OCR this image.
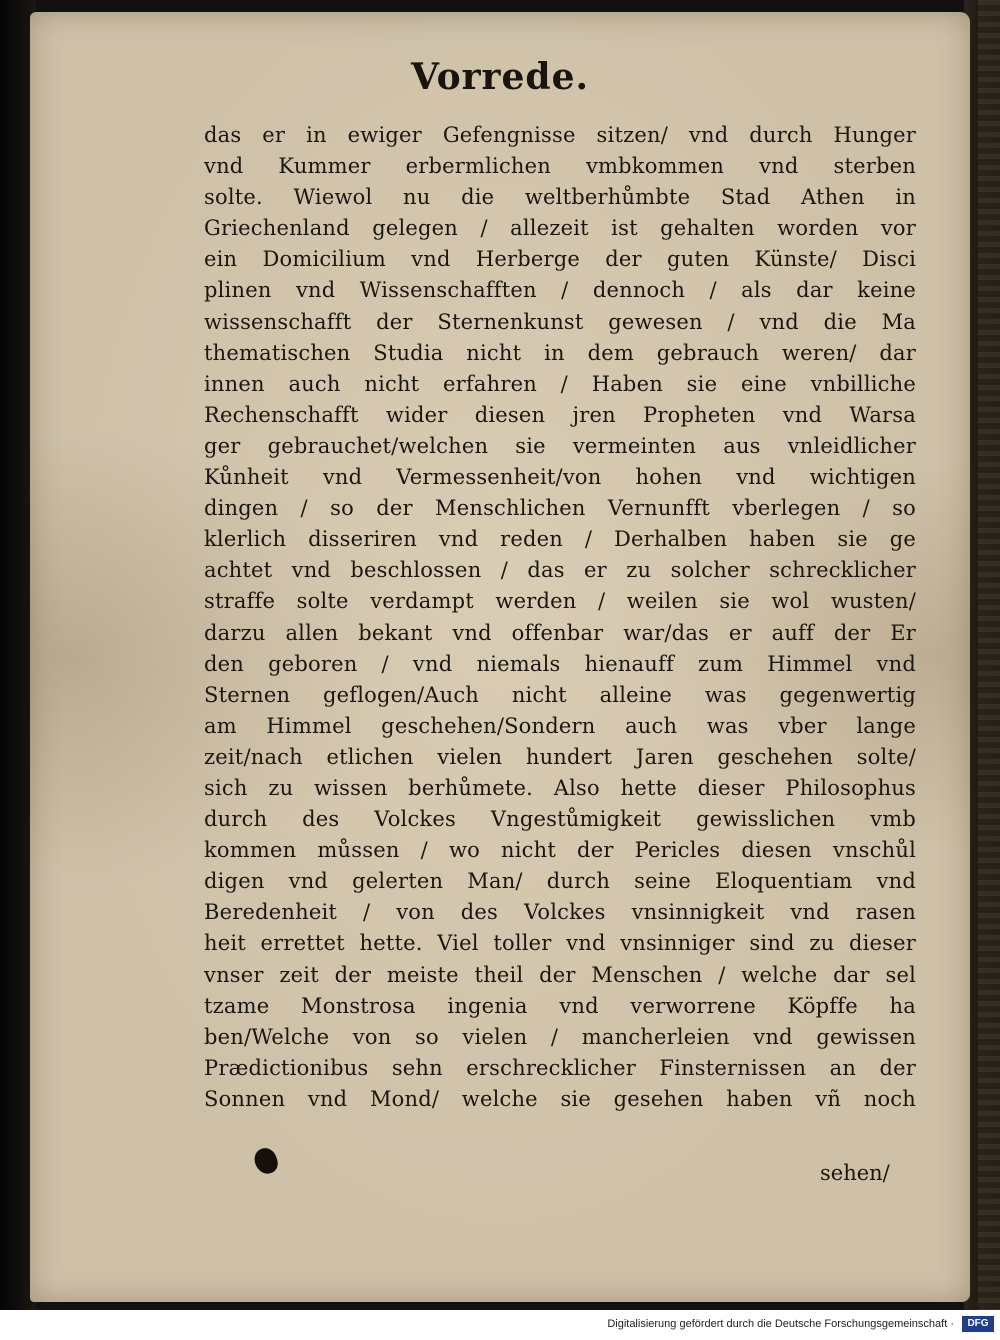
Vorrede.
das er in ewiger Gefengnisse sitzen/ vnd durch Hunger
vnd Kummer erbermlichen vmbkommen vnd sterben
solte. Wiewol nu die weltberhůmbte Stad Athen in
Griechenland gelegen / allezeit ist gehalten worden vor
ein Domicilium vnd Herberge der guten Künste/ Disci
plinen vnd Wissenschafften / dennoch / als dar keine
wissenschafft der Sternenkunst gewesen / vnd die Ma
thematischen Studia nicht in dem gebrauch weren/ dar
innen auch nicht erfahren / Haben sie eine vnbilliche
Rechenschafft wider diesen jren Propheten vnd Warsa
ger gebrauchet/welchen sie vermeinten aus vnleidlicher
Kůnheit vnd Vermessenheit/von hohen vnd wichtigen
dingen / so der Menschlichen Vernunfft vberlegen / so
klerlich disseriren vnd reden / Derhalben haben sie ge
achtet vnd beschlossen / das er zu solcher schrecklicher
straffe solte verdampt werden / weilen sie wol wusten/
darzu allen bekant vnd offenbar war/das er auff der Er
den geboren / vnd niemals hienauff zum Himmel vnd
Sternen geflogen/Auch nicht alleine was gegenwertig
am Himmel geschehen/Sondern auch was vber lange
zeit/nach etlichen vielen hundert Jaren geschehen solte/
sich zu wissen berhůmete. Also hette dieser Philosophus
durch des Volckes Vngestůmigkeit gewisslichen vmb
kommen můssen / wo nicht der Pericles diesen vnschůl
digen vnd gelerten Man/ durch seine Eloquentiam vnd
Beredenheit / von des Volckes vnsinnigkeit vnd rasen
heit errettet hette. Viel toller vnd vnsinniger sind zu dieser
vnser zeit der meiste theil der Menschen / welche dar sel
tzame Monstrosa ingenia vnd verworrene Köpffe ha
ben/Welche von so vielen / mancherleien vnd gewissen
Prædictionibus sehn erschrecklicher Finsternissen an der
Sonnen vnd Mond/ welche sie gesehen haben vñ noch
sehen/
Digitalisierung gefördert durch die Deutsche Forschungsgemeinschaft ·	DFG
